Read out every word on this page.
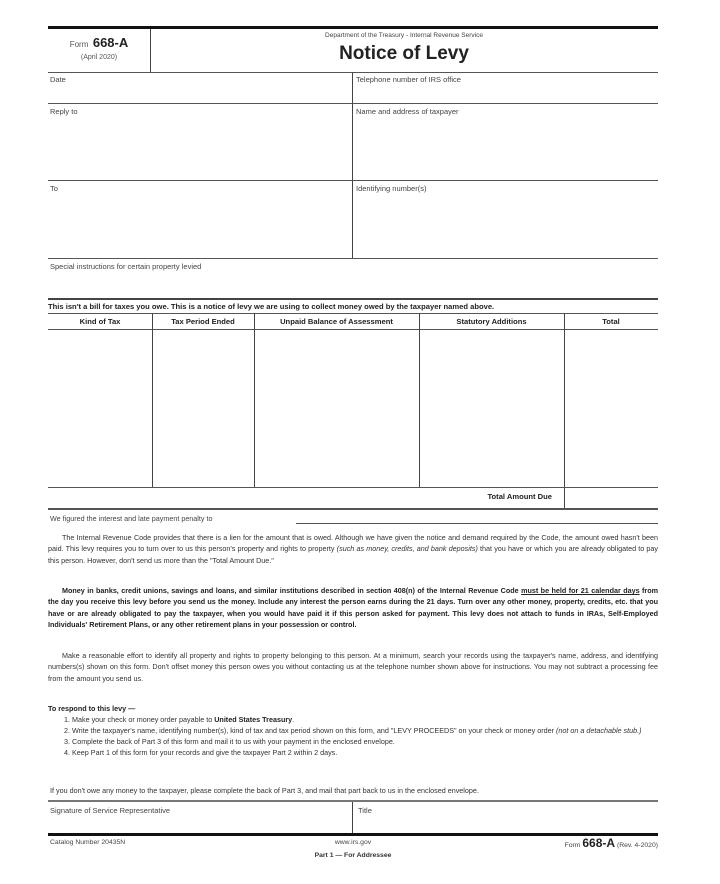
Form 668-A
(April 2020)
Department of the Treasury - Internal Revenue Service
Notice of Levy
Date	Telephone number of IRS office
Reply to	Name and address of taxpayer
To	Identifying number(s)
Special instructions for certain property levied
This isn't a bill for taxes you owe. This is a notice of levy we are using to collect money owed by the taxpayer named above.
Kind of Tax	Tax Period Ended	Unpaid Balance of Assessment	Statutory Additions	Total
Total Amount Due
We figured the interest and late payment penalty to

The Internal Revenue Code provides that there is a lien for the amount that is owed. Although we have given the notice and demand required by the Code, the amount owed hasn't been paid. This levy requires you to turn over to us this person's property and rights to property (such as money, credits, and bank deposits) that you have or which you are already obligated to pay this person. However, don't send us more than the "Total Amount Due."

Money in banks, credit unions, savings and loans, and similar institutions described in section 408(n) of the Internal Revenue Code must be held for 21 calendar days from the day you receive this levy before you send us the money. Include any interest the person earns during the 21 days. Turn over any other money, property, credits, etc. that you have or are already obligated to pay the taxpayer, when you would have paid it if this person asked for payment. This levy does not attach to funds in IRAs, Self-Employed Individuals' Retirement Plans, or any other retirement plans in your possession or control.

Make a reasonable effort to identify all property and rights to property belonging to this person. At a minimum, search your records using the taxpayer's name, address, and identifying numbers(s) shown on this form. Don't offset money this person owes you without contacting us at the telephone number shown above for instructions. You may not subtract a processing fee from the amount you send us.

To respond to this levy —
1. Make your check or money order payable to United States Treasury.
2. Write the taxpayer's name, identifying number(s), kind of tax and tax period shown on this form, and "LEVY PROCEEDS" on your check or money order (not on a detachable stub.)
3. Complete the back of Part 3 of this form and mail it to us with your payment in the enclosed envelope.
4. Keep Part 1 of this form for your records and give the taxpayer Part 2 within 2 days.
If you don't owe any money to the taxpayer, please complete the back of Part 3, and mail that part back to us in the enclosed envelope.
Signature of Service Representative	Title
Catalog Number 20435N	www.irs.gov	Form 668-A (Rev. 4-2020)
Part 1 — For Addressee
